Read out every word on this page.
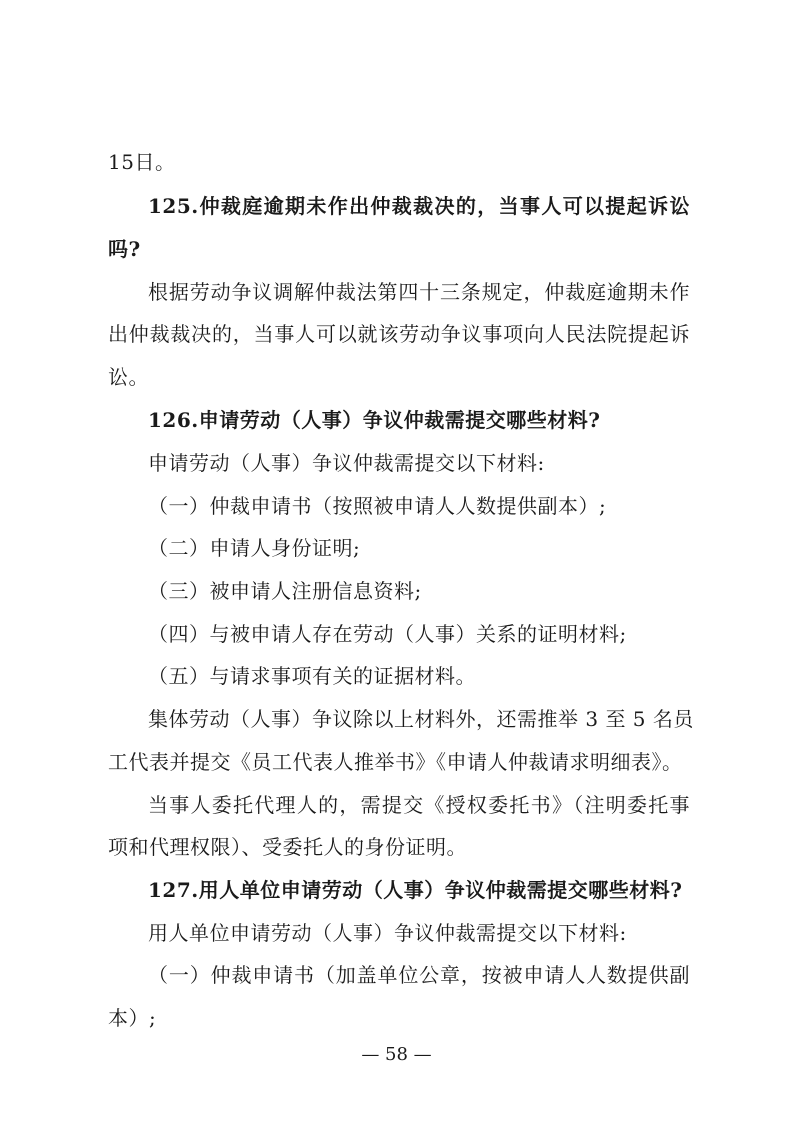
15日。
125.仲裁庭逾期未作出仲裁裁决的，当事人可以提起诉讼
吗?
根据劳动争议调解仲裁法第四十三条规定，仲裁庭逾期未作
出仲裁裁决的，当事人可以就该劳动争议事项向人民法院提起诉
讼。
126.申请劳动（人事）争议仲裁需提交哪些材料?
申请劳动（人事）争议仲裁需提交以下材料:
（一）仲裁申请书（按照被申请人人数提供副本）;
（二）申请人身份证明;
（三）被申请人注册信息资料;
（四）与被申请人存在劳动（人事）关系的证明材料;
（五）与请求事项有关的证据材料。
集体劳动（人事）争议除以上材料外，还需推举 3 至 5 名员
工代表并提交《员工代表人推举书》《申请人仲裁请求明细表》。
当事人委托代理人的，需提交《授权委托书》（注明委托事
项和代理权限）、受委托人的身份证明。
127.用人单位申请劳动（人事）争议仲裁需提交哪些材料?
用人单位申请劳动（人事）争议仲裁需提交以下材料:
（一）仲裁申请书（加盖单位公章，按被申请人人数提供副
本）;
— 58 —
